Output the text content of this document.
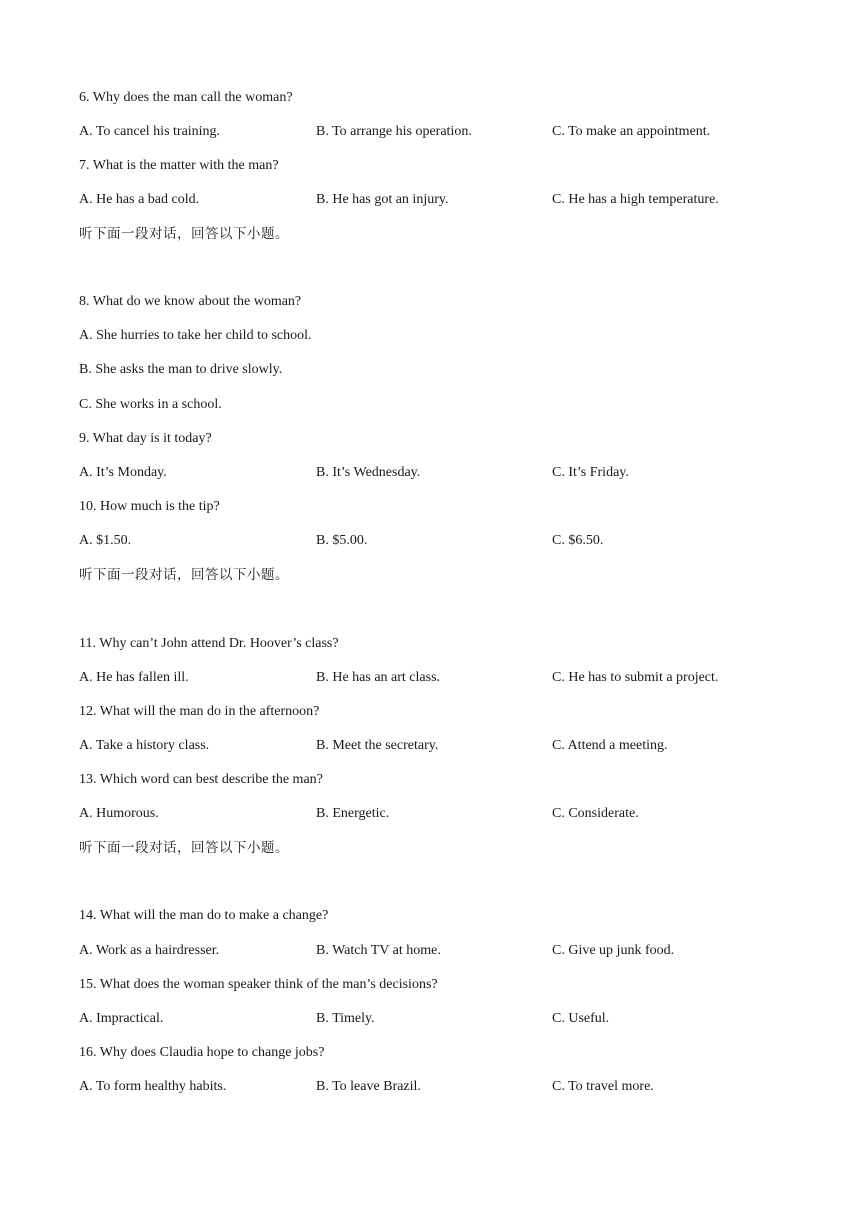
6. Why does the man call the woman?
A. To cancel his training.	B. To arrange his operation.	C. To make an appointment.
7. What is the matter with the man?
A. He has a bad cold.	B. He has got an injury.	C. He has a high temperature.
听下面一段对话，回答以下小题。
8. What do we know about the woman?
A. She hurries to take her child to school.
B. She asks the man to drive slowly.
C. She works in a school.
9. What day is it today?
A. It’s Monday.	B. It’s Wednesday.	C. It’s Friday.
10. How much is the tip?
A. $1.50.	B. $5.00.	C. $6.50.
听下面一段对话，回答以下小题。
11. Why can’t John attend Dr. Hoover’s class?
A. He has fallen ill.	B. He has an art class.	C. He has to submit a project.
12. What will the man do in the afternoon?
A. Take a history class.	B. Meet the secretary.	C. Attend a meeting.
13. Which word can best describe the man?
A. Humorous.	B. Energetic.	C. Considerate.
听下面一段对话，回答以下小题。
14. What will the man do to make a change?
A. Work as a hairdresser.	B. Watch TV at home.	C. Give up junk food.
15. What does the woman speaker think of the man’s decisions?
A. Impractical.	B. Timely.	C. Useful.
16. Why does Claudia hope to change jobs?
A. To form healthy habits.	B. To leave Brazil.	C. To travel more.
